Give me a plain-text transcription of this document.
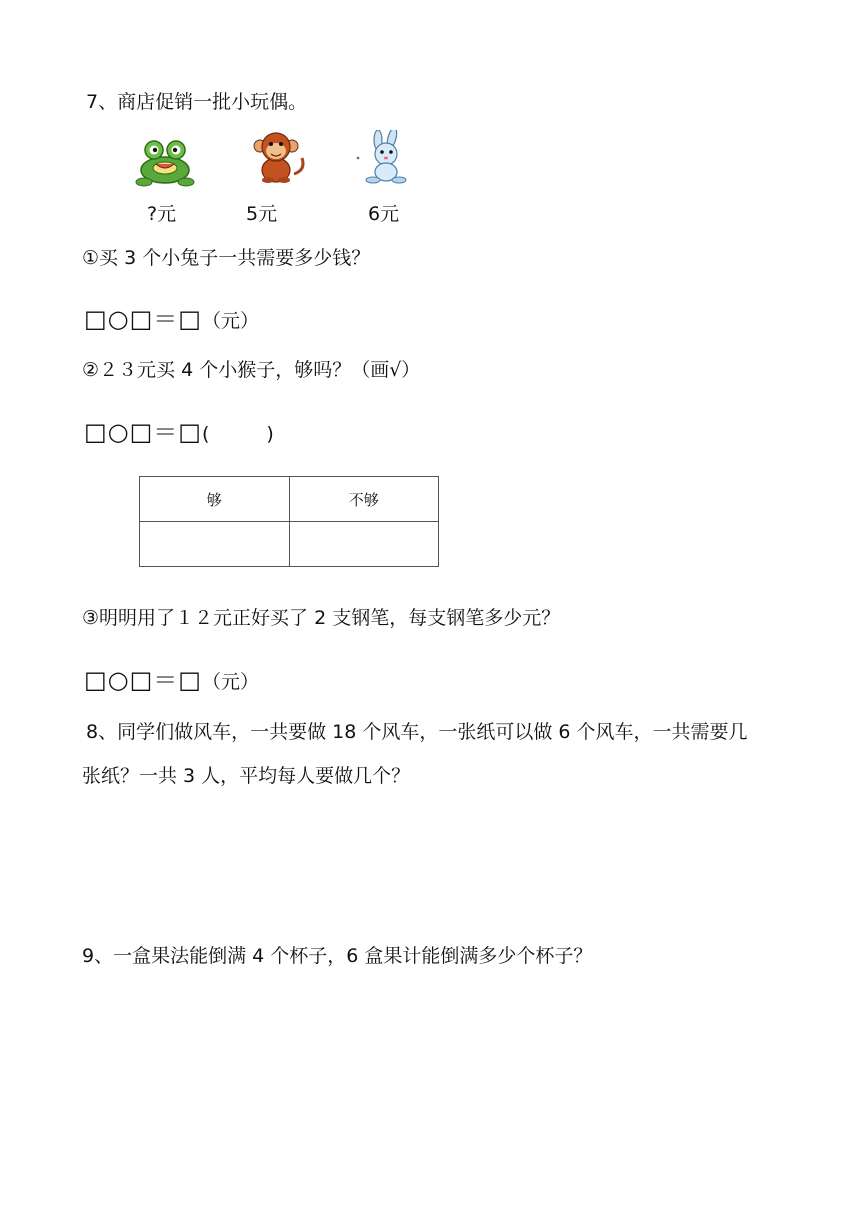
7、商店促销一批小玩偶。
?元	5元	6元
①买 3 个小兔子一共需要多少钱？
□○□＝□（元）
②２３元买 4 个小猴子，够吗？（画√）
□○□＝□(　　　)
够	不够

③明明用了１２元正好买了 2 支钢笔，每支钢笔多少元？
□○□＝□（元）
8、同学们做风车，一共要做 18 个风车，一张纸可以做 6 个风车，一共需要几
张纸？一共 3 人，平均每人要做几个？
9、一盒果法能倒满 4 个杯子，6 盒果计能倒满多少个杯子？
